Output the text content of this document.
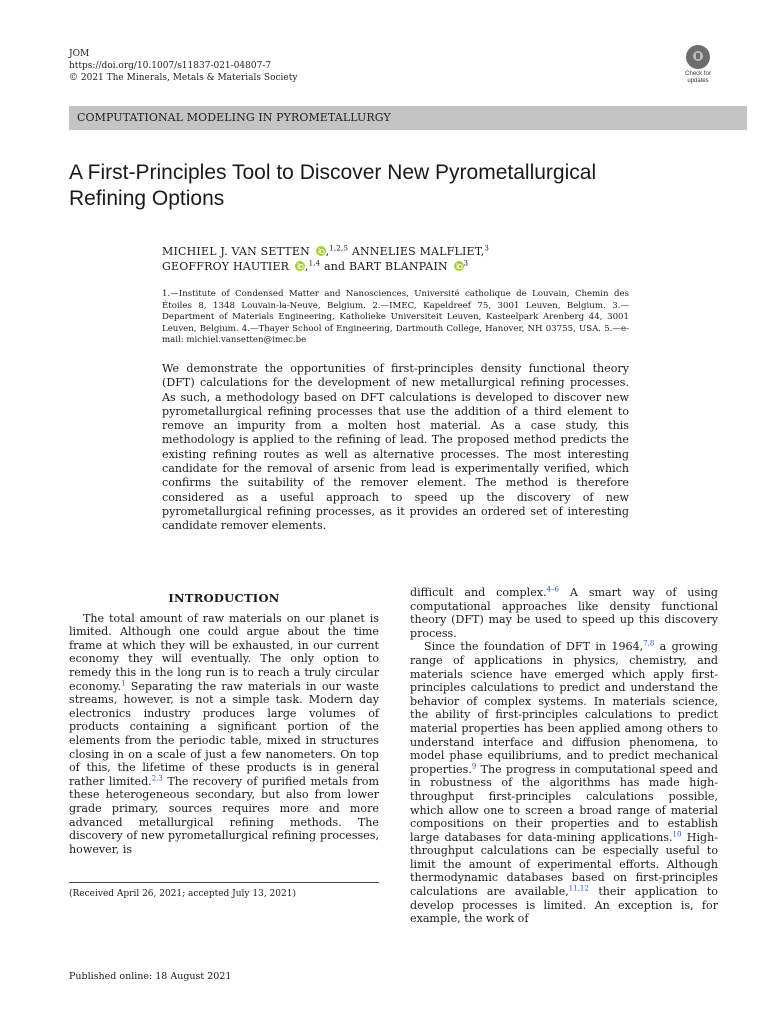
JOM
https://doi.org/10.1007/s11837-021-04807-7
© 2021 The Minerals, Metals & Materials Society	Check for
updates
COMPUTATIONAL MODELING IN PYROMETALLURGY
A First-Principles Tool to Discover New Pyrometallurgical
Refining Options
MICHIEL J. VAN SETTEN ,$^{1,2,5}$ ANNELIES MALFLIET,$^3$
GEOFFROY HAUTIER ,$^{1,4}$ and BART BLANPAIN $^3$
1.—Institute of Condensed Matter and Nanosciences, Université catholique de Louvain, Chemin des Étoiles 8, 1348 Louvain-la-Neuve, Belgium. 2.—IMEC, Kapeldreef 75, 3001 Leuven, Belgium. 3.—Department of Materials Engineering, Katholieke Universiteit Leuven, Kasteelpark Arenberg 44, 3001 Leuven, Belgium. 4.—Thayer School of Engineering, Dartmouth College, Hanover, NH 03755, USA. 5.—e-mail: michiel.vansetten@imec.be

We demonstrate the opportunities of first-principles density functional theory (DFT) calculations for the development of new metallurgical refining processes. As such, a methodology based on DFT calculations is developed to discover new pyrometallurgical refining processes that use the addition of a third element to remove an impurity from a molten host material. As a case study, this methodology is applied to the refining of lead. The proposed method predicts the existing refining routes as well as alternative processes. The most interesting candidate for the removal of arsenic from lead is experimentally verified, which confirms the suitability of the remover element. The method is therefore considered as a useful approach to speed up the discovery of new pyrometallurgical refining processes, as it provides an ordered set of interesting candidate remover elements.

INTRODUCTION

The total amount of raw materials on our planet is limited. Although one could argue about the time frame at which they will be exhausted, in our current economy they will eventually. The only option to remedy this in the long run is to reach a truly circular economy.$^1$ Separating the raw materials in our waste streams, however, is not a simple task. Modern day electronics industry produces large volumes of products containing a significant portion of the elements from the periodic table, mixed in structures closing in on a scale of just a few nanometers. On top of this, the lifetime of these products is in general rather limited.$^{2,3}$ The recovery of purified metals from these heterogeneous secondary, but also from lower grade primary, sources requires more and more advanced metallurgical refining methods. The discovery of new pyrometallurgical refining processes, however, is

difficult and complex.$^{4-6}$ A smart way of using computational approaches like density functional theory (DFT) may be used to speed up this discovery process.

Since the foundation of DFT in 1964,$^{7,8}$ a growing range of applications in physics, chemistry, and materials science have emerged which apply first-principles calculations to predict and understand the behavior of complex systems. In materials science, the ability of first-principles calculations to predict material properties has been applied among others to understand interface and diffusion phenomena, to model phase equilibriums, and to predict mechanical properties.$^9$ The progress in computational speed and in robustness of the algorithms has made high-throughput first-principles calculations possible, which allow one to screen a broad range of material compositions on their properties and to establish large databases for data-mining applications.$^{10}$ High-throughput calculations can be especially useful to limit the amount of experimental efforts. Although thermodynamic databases based on first-principles calculations are available,$^{11,12}$ their application to develop processes is limited. An exception is, for example, the work of

(Received April 26, 2021; accepted July 13, 2021)
Published online: 18 August 2021
